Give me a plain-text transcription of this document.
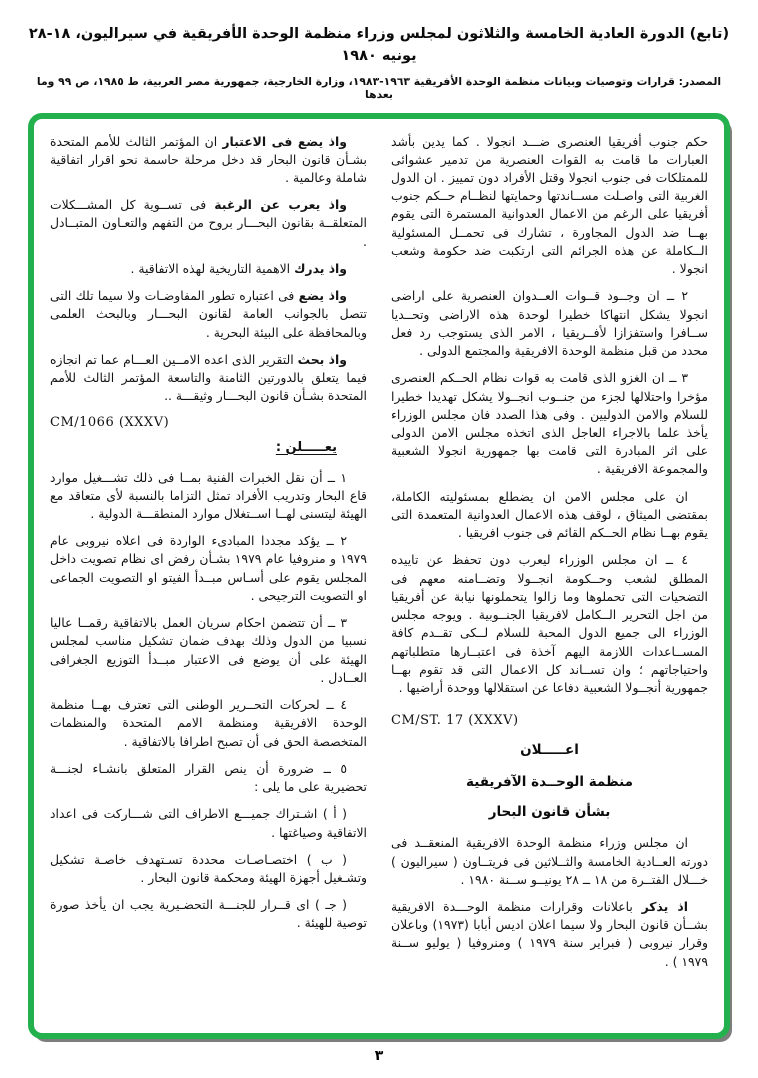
(تابع) الدورة العادية الخامسة والثلاثون لمجلس وزراء منظمة الوحدة الأفريقية في سيراليون، ١٨-٢٨ يونيه ١٩٨٠
المصدر: قرارات وتوصيات وبيانات منظمة الوحدة الأفريقية ١٩٦٣-١٩٨٣، وزارة الخارجية، جمهورية مصر العربية، ط ١٩٨٥، ص ٩٩ وما بعدها

حكم جنوب أفريقيا العنصرى ضـــد انجولا . كما يدين بأشد العبارات ما قامت به القوات العنصرية من تدمير عشوائى للممتلكات فى جنوب انجولا وقتل الأفراد دون تمييز . ان الدول الغربية التى واصـلت مســاندتها وحمايتها لنظــام حــكم جنوب أفريقيا على الرغم من الاعمال العدوانية المستمرة التى يقوم بهــا ضد الدول المجاورة ، تشارك فى تحمــل المسئولية الــكاملة عن هذه الجرائم التى ارتكبت ضد حكومة وشعب انجولا .

٢ ــ ان وجــود قــوات العــدوان العنصرية على اراضى انجولا يشكل انتهاكا خطيرا لوحدة هذه الاراضى وتحــديا ســافرا واستفزازا لأفــريقيا ، الامر الذى يستوجب رد فعل محدد من قبل منظمة الوحدة الافريقية والمجتمع الدولى .

٣ ــ ان الغزو الذى قامت به قوات نظام الحــكم العنصرى مؤخرا واحتلالها لجزء من جنــوب انجــولا يشكل تهديدا خطيرا للسلام والامن الدوليين . وفى هذا الصدد فان مجلس الوزراء يأخذ علما بالاجراء العاجل الذى اتخذه مجلس الامن الدولى على اثر المبادرة التى قامت بها جمهورية انجولا الشعبية والمجموعة الافريقية .

ان على مجلس الامن ان يضطلع بمسئوليته الكاملة، بمقتضى الميثاق ، لوقف هذه الاعمال العدوانية المتعمدة التى يقوم بهــا نظام الحــكم القائم فى جنوب افريقيا .

٤ ــ ان مجلس الوزراء ليعرب دون تحفظ عن تاييده المطلق لشعب وحــكومة انجــولا وتضــامنه معهم فى التضحيات التى تحملوها وما زالوا يتحملونها نيابة عن أفريقيا من اجل التحرير الــكامل لافريقيا الجنــوبية . ويوجه مجلس الوزراء الى جميع الدول المحبة للسلام لــكى تقــدم كافة المســاعدات اللازمة اليهم آخذة فى اعتبــارها متطلباتهم واحتياجاتهم ؛ وان تســاند كل الاعمال التى قد تقوم بهــا جمهورية أنجــولا الشعبية دفاعا عن استقلالها ووحدة أراضيها .

CM/ST. 17 (XXXV)
اعـــــلان
منظمة الوحــدة الآفريقية
بشأن قانون البحار

ان مجلس وزراء منظمة الوحدة الافريقية المنعقــد فى دورته العــادية الخامسة والثــلاثين فى فريتــاون ( سيراليون ) خـــلال الفتــرة من ١٨ ــ ٢٨ يونيــو ســنة ١٩٨٠ .

اذ يذكر باعلانات وقرارات منظمة الوحـــدة الافريقية بشــأن قانون البحار ولا سيما اعلان اديس أبابا (١٩٧٣) وباعلان وقرار نيروبى ( فبراير سنة ١٩٧٩ ) ومنروفيا ( يوليو ســنة ١٩٧٩ ) .

واذ يضع فى الاعتبار ان المؤتمر الثالث للأمم المتحدة بشـأن قانون البحار قد دخل مرحلة حاسمة نحو اقرار اتفاقية شاملة وعالمية .

واذ يعرب عن الرغبة فى تســوية كل المشـــكلات المتعلقــة بقانون البحـــار بروح من التفهم والتعـاون المتبــادل .

واذ يدرك الاهمية التاريخية لهذه الاتفاقية .

واذ يضع فى اعتباره تطور المفاوضـات ولا سيما تلك التى تتصل بالجوانب العامة لقانون البحـــار وبالبحث العلمى وبالمحافظة على البيئة البحرية .

واذ بحث التقرير الذى اعده الامــين العـــام عما تم انجازه فيما يتعلق بالدورتين الثامنة والتاسعة المؤتمر الثالث للأمم المتحدة بشـأن قانون البحـــار وثيقـــة ..

CM/1066 (XXXV)
يعـــــلن :

١ ــ أن نقل الخبرات الفنية بمــا فى ذلك تشـــغيل موارد قاع البحار وتدريب الأفراد تمثل التزاما بالنسبة لأى متعاقد مع الهيئة ليتسنى لهــا اســتغلال موارد المنطقـــة الدولية .

٢ ــ يؤكد مجددا المبادىء الواردة فى اعلاه نيروبى عام ١٩٧٩ و منروفيا عام ١٩٧٩ بشـأن رفض اى نظام تصويت داخل المجلس يقوم على أسـاس مبــدأ الفيتو او التصويت الجماعى او التصويت الترجيحى .

٣ ــ أن تتضمن احكام سريان العمل بالاتفاقية رقمــا عاليا نسبيا من الدول وذلك بهدف ضمان تشكيل مناسب لمجلس الهيئة على أن يوضع فى الاعتبار مبــدأ التوزيع الجغرافى العــادل .

٤ ــ لحركات التحــرير الوطنى التى تعترف بهــا منظمة الوحدة الافريقية ومنظمة الامم المتحدة والمنظمات المتخصصة الحق فى أن تصبح اطرافا بالاتفاقية .

٥ ــ ضرورة أن ينص القرار المتعلق بانشـاء لجنـــة تحضيرية على ما يلى :

( أ ) اشـتراك جميـــع الاطراف التى شـــاركت فى اعداد الاتفاقية وصياغتها .

( ب ) اختصـاصـات محددة تسـتهدف خاصـة تشكيل وتشـغيل أجهزة الهيئة ومحكمة قانون البحار .

( جـ ) اى قــرار للجنـــة التحضـيرية يجب ان يأخذ صورة توصية للهيئة .

٣
